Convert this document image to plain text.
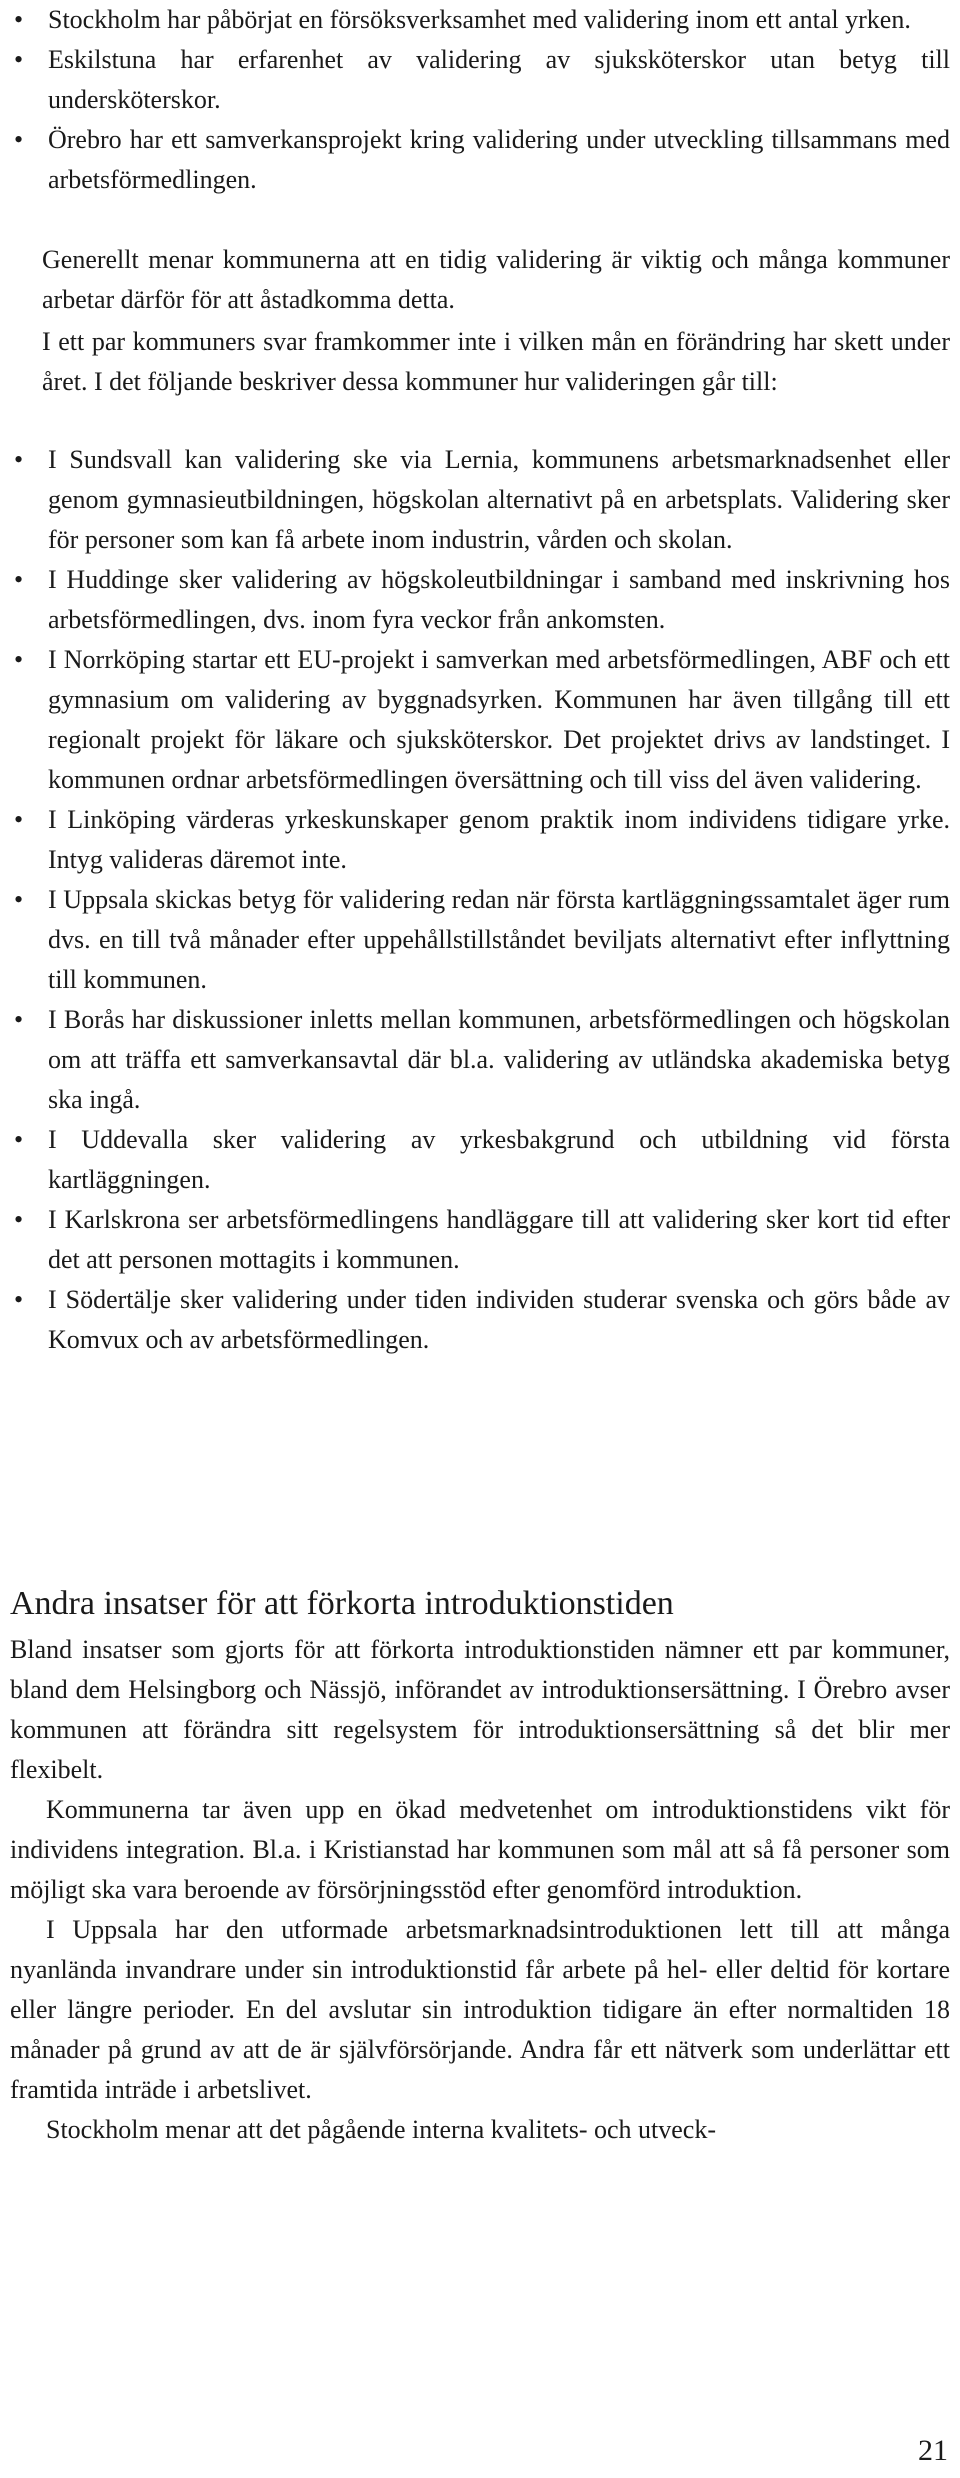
• Stockholm har påbörjat en försöksverksamhet med validering inom ett antal yrken.
• Eskilstuna har erfarenhet av validering av sjuksköterskor utan betyg till undersköterskor.
• Örebro har ett samverkansprojekt kring validering under utveckling tillsammans med arbetsförmedlingen.

Generellt menar kommunerna att en tidig validering är viktig och många kommuner arbetar därför för att åstadkomma detta.

I ett par kommuners svar framkommer inte i vilken mån en förändring har skett under året. I det följande beskriver dessa kommuner hur valideringen går till:

• I Sundsvall kan validering ske via Lernia, kommunens arbetsmarknadsenhet eller genom gymnasieutbildningen, högskolan alternativt på en arbetsplats. Validering sker för personer som kan få arbete inom industrin, vården och skolan.
• I Huddinge sker validering av högskoleutbildningar i samband med inskrivning hos arbetsförmedlingen, dvs. inom fyra veckor från ankomsten.
• I Norrköping startar ett EU-projekt i samverkan med arbetsförmedlingen, ABF och ett gymnasium om validering av byggnadsyrken. Kommunen har även tillgång till ett regionalt projekt för läkare och sjuksköterskor. Det projektet drivs av landstinget. I kommunen ordnar arbetsförmedlingen översättning och till viss del även validering.
• I Linköping värderas yrkeskunskaper genom praktik inom individens tidigare yrke. Intyg valideras däremot inte.
• I Uppsala skickas betyg för validering redan när första kartläggningssamtalet äger rum dvs. en till två månader efter uppehållstillståndet beviljats alternativt efter inflyttning till kommunen.
• I Borås har diskussioner inletts mellan kommunen, arbetsförmedlingen och högskolan om att träffa ett samverkansavtal där bl.a. validering av utländska akademiska betyg ska ingå.
• I Uddevalla sker validering av yrkesbakgrund och utbildning vid första kartläggningen.
• I Karlskrona ser arbetsförmedlingens handläggare till att validering sker kort tid efter det att personen mottagits i kommunen.
• I Södertälje sker validering under tiden individen studerar svenska och görs både av Komvux och av arbetsförmedlingen.
Andra insatser för att förkorta introduktionstiden

Bland insatser som gjorts för att förkorta introduktionstiden nämner ett par kommuner, bland dem Helsingborg och Nässjö, införandet av introduktionsersättning. I Örebro avser kommunen att förändra sitt regelsystem för introduktionsersättning så det blir mer flexibelt.

Kommunerna tar även upp en ökad medvetenhet om introduktionstidens vikt för individens integration. Bl.a. i Kristianstad har kommunen som mål att så få personer som möjligt ska vara beroende av försörjningsstöd efter genomförd introduktion.

I Uppsala har den utformade arbetsmarknadsintroduktionen lett till att många nyanlända invandrare under sin introduktionstid får arbete på hel- eller deltid för kortare eller längre perioder. En del avslutar sin introduktion tidigare än efter normaltiden 18 månader på grund av att de är självförsörjande. Andra får ett nätverk som underlättar ett framtida inträde i arbetslivet.

Stockholm menar att det pågående interna kvalitets- och utveck-

21
